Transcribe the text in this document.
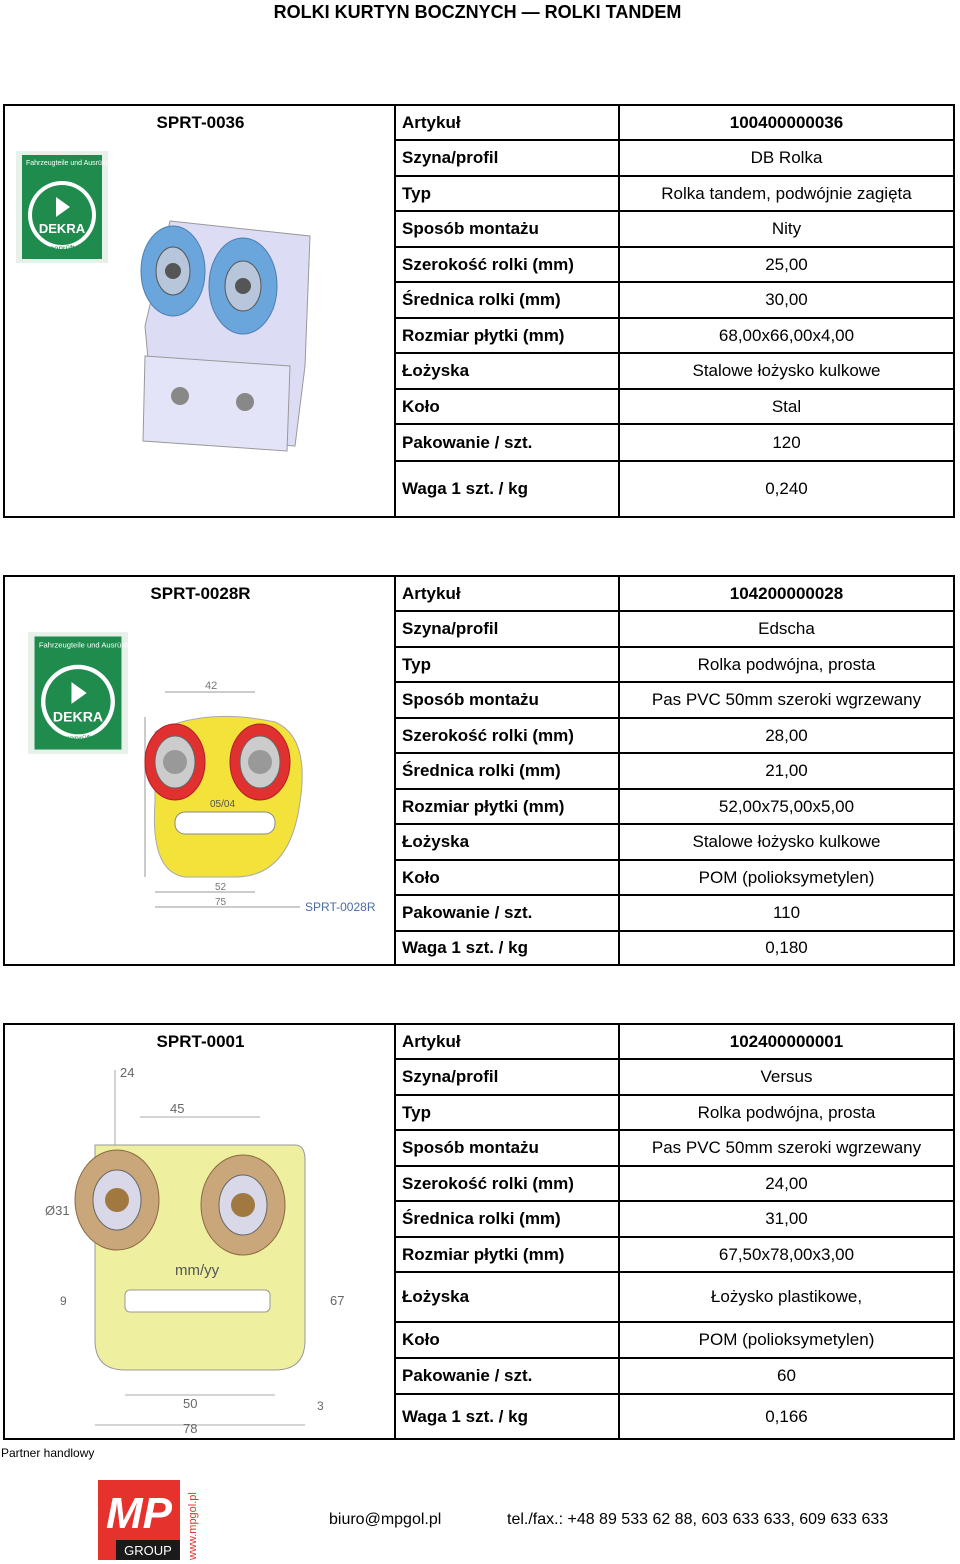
ROLKI KURTYN BOCZNYCH — ROLKI TANDEM
SPRT-0036
Fahrzeugteile und Ausrüstungen
DEKRA
geprüft
Artykuł	100400000036
Szyna/profil	DB Rolka
Typ	Rolka tandem, podwójnie zagięta
Sposób montażu	Nity
Szerokość rolki (mm)	25,00
Średnica rolki (mm)	30,00
Rozmiar płytki (mm)	68,00x66,00x4,00
Łożyska	Stalowe łożysko kulkowe
Koło	Stal
Pakowanie / szt.	120
Waga 1 szt. / kg	0,240
SPRT-0028R
Fahrzeugteile und Ausrüstungen
DEKRA
geprüft
42
05/04
52
75	SPRT-0028R
Artykuł	104200000028
Szyna/profil	Edscha
Typ	Rolka podwójna, prosta
Sposób montażu	Pas PVC 50mm szeroki wgrzewany
Szerokość rolki (mm)	28,00
Średnica rolki (mm)	21,00
Rozmiar płytki (mm)	52,00x75,00x5,00
Łożyska	Stalowe łożysko kulkowe
Koło	POM (polioksymetylen)
Pakowanie / szt.	110
Waga 1 szt. / kg	0,180
SPRT-0001
24
45
Ø31
9	67
mm/yy
50	3
78
Artykuł	102400000001
Szyna/profil	Versus
Typ	Rolka podwójna, prosta
Sposób montażu	Pas PVC 50mm szeroki wgrzewany
Szerokość rolki (mm)	24,00
Średnica rolki (mm)	31,00
Rozmiar płytki (mm)	67,50x78,00x3,00
Łożyska	Łożysko plastikowe,
Koło	POM (polioksymetylen)
Pakowanie / szt.	60
Waga 1 szt. / kg	0,166
Partner handlowy
MP
GROUP www.mpgol.pl	biuro@mpgol.pl	tel./fax.: +48 89 533 62 88, 603 633 633, 609 633 633
